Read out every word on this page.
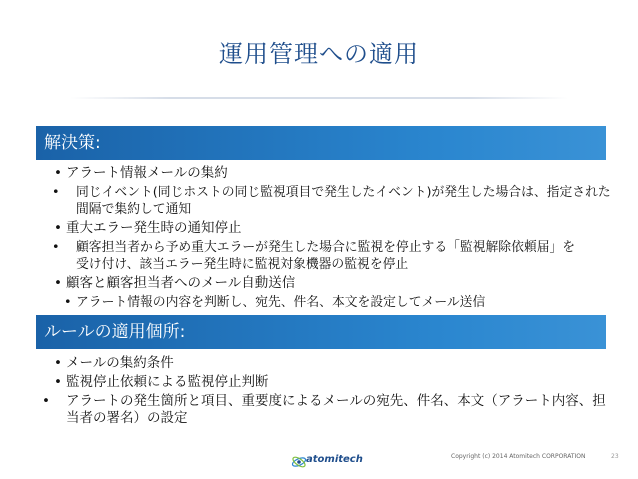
運用管理への適用
解決策:
• アラート情報メールの集約
• 同じイベント(同じホストの同じ監視項目で発生したイベント)が発生した場合は、指定された間隔で集約して通知
• 重大エラー発生時の通知停止
• 顧客担当者から予め重大エラーが発生した場合に監視を停止する「監視解除依頼届」を受け付け、該当エラー発生時に監視対象機器の監視を停止
• 顧客と顧客担当者へのメール自動送信
• アラート情報の内容を判断し、宛先、件名、本文を設定してメール送信
ルールの適用個所:
• メールの集約条件
• 監視停止依頼による監視停止判断
• アラートの発生箇所と項目、重要度によるメールの宛先、件名、本文（アラート内容、担当者の署名）の設定
atomitech	Copyright (c) 2014 Atomitech CORPORATION	23
